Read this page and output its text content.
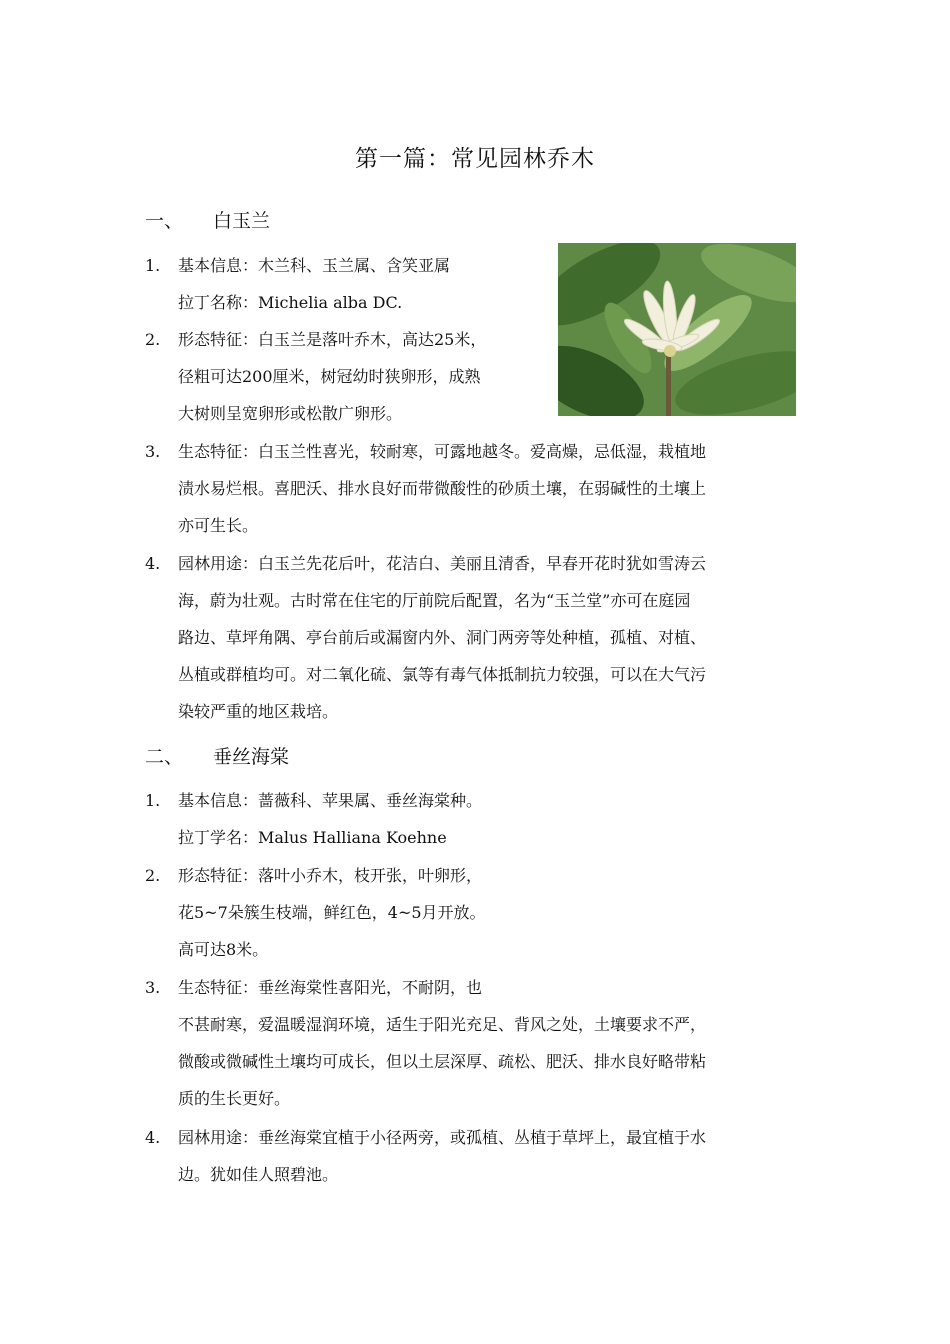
第一篇：常见园林乔木
一、 白玉兰
1. 基本信息：木兰科、玉兰属、含笑亚属
拉丁名称：Michelia alba DC.
2. 形态特征：白玉兰是落叶乔木，高达25米，
径粗可达200厘米，树冠幼时狭卵形，成熟
大树则呈宽卵形或松散广卵形。
3. 生态特征：白玉兰性喜光，较耐寒，可露地越冬。爱高燥，忌低湿，栽植地
渍水易烂根。喜肥沃、排水良好而带微酸性的砂质土壤，在弱碱性的土壤上
亦可生长。
4. 园林用途：白玉兰先花后叶，花洁白、美丽且清香，早春开花时犹如雪涛云
海，蔚为壮观。古时常在住宅的厅前院后配置，名为“玉兰堂”亦可在庭园
路边、草坪角隅、亭台前后或漏窗内外、洞门两旁等处种植，孤植、对植、
丛植或群植均可。对二氧化硫、氯等有毒气体抵制抗力较强，可以在大气污
染较严重的地区栽培。
二、 垂丝海棠
1. 基本信息：蔷薇科、苹果属、垂丝海棠种。
拉丁学名：Malus Halliana Koehne
2. 形态特征：落叶小乔木，枝开张，叶卵形，
花5~7朵簇生枝端，鲜红色，4~5月开放。
高可达8米。
3. 生态特征：垂丝海棠性喜阳光，不耐阴，也
不甚耐寒，爱温暖湿润环境，适生于阳光充足、背风之处，土壤要求不严，
微酸或微碱性土壤均可成长，但以土层深厚、疏松、肥沃、排水良好略带粘
质的生长更好。
4. 园林用途：垂丝海棠宜植于小径两旁，或孤植、丛植于草坪上，最宜植于水
边。犹如佳人照碧池。
